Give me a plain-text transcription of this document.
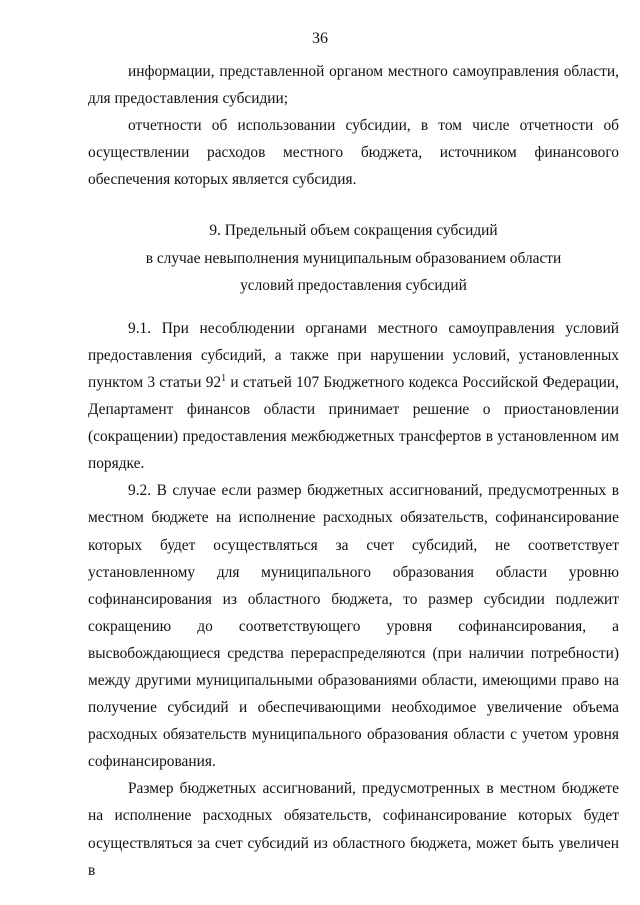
36

информации, представленной органом местного самоуправления области, для предоставления субсидии;

отчетности об использовании субсидии, в том числе отчетности об осуществлении расходов местного бюджета, источником финансового обеспечения которых является субсидия.

9. Предельный объем сокращения субсидий

в случае невыполнения муниципальным образованием области

условий предоставления субсидий

9.1. При несоблюдении органами местного самоуправления условий предоставления субсидий, а также при нарушении условий, установленных пунктом 3 статьи $92^1$ и статьей 107 Бюджетного кодекса Российской Федерации, Департамент финансов области принимает решение о приостановлении (сокращении) предоставления межбюджетных трансфертов в установленном им порядке.

9.2. В случае если размер бюджетных ассигнований, предусмотренных в местном бюджете на исполнение расходных обязательств, софинансирование которых будет осуществляться за счет субсидий, не соответствует установленному для муниципального образования области уровню софинансирования из областного бюджета, то размер субсидии подлежит сокращению до соответствующего уровня софинансирования, а высвобождающиеся средства перераспределяются (при наличии потребности) между другими муниципальными образованиями области, имеющими право на получение субсидий и обеспечивающими необходимое увеличение объема расходных обязательств муниципального образования области с учетом уровня софинансирования.

Размер бюджетных ассигнований, предусмотренных в местном бюджете на исполнение расходных обязательств, софинансирование которых будет осуществляться за счет субсидий из областного бюджета, может быть увеличен в
